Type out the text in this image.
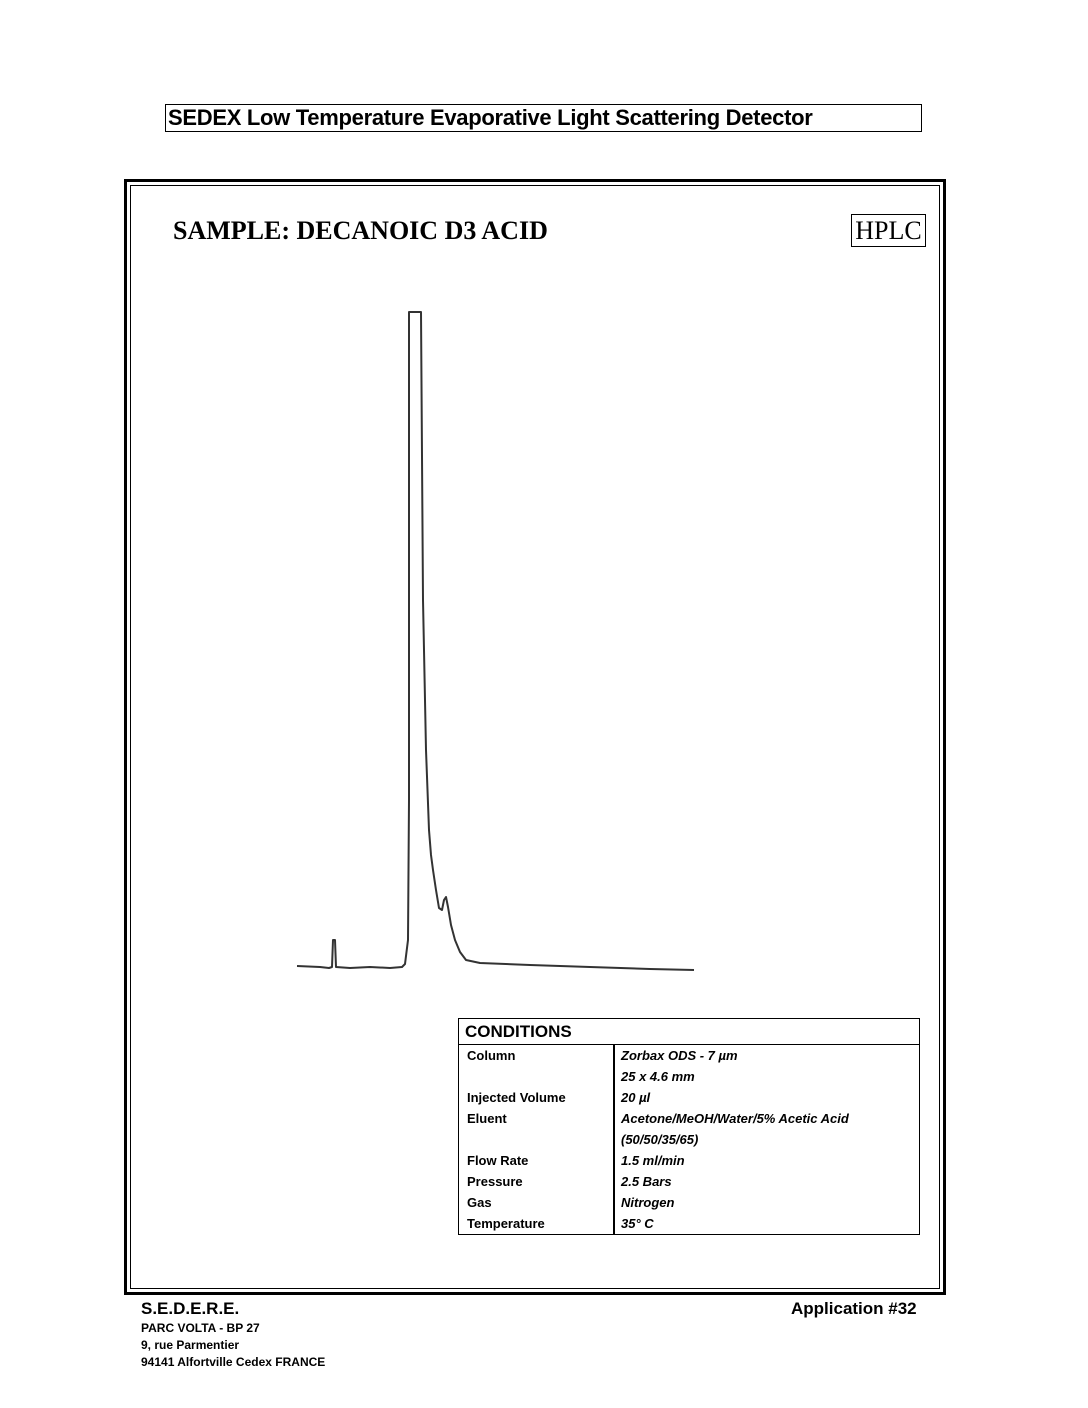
SEDEX Low Temperature Evaporative Light Scattering Detector
SAMPLE: DECANOIC D3 ACID	HPLC
CONDITIONS
Column	Zorbax ODS - 7 µm
25 x 4.6 mm
Injected Volume	20 µl
Eluent	Acetone/MeOH/Water/5% Acetic Acid
(50/50/35/65)
Flow Rate	1.5 ml/min
Pressure	2.5 Bars
Gas	Nitrogen
Temperature	35° C
S.E.D.E.R.E.
PARC VOLTA - BP 27
9, rue Parmentier
94141 Alfortville Cedex FRANCE
Application #32
